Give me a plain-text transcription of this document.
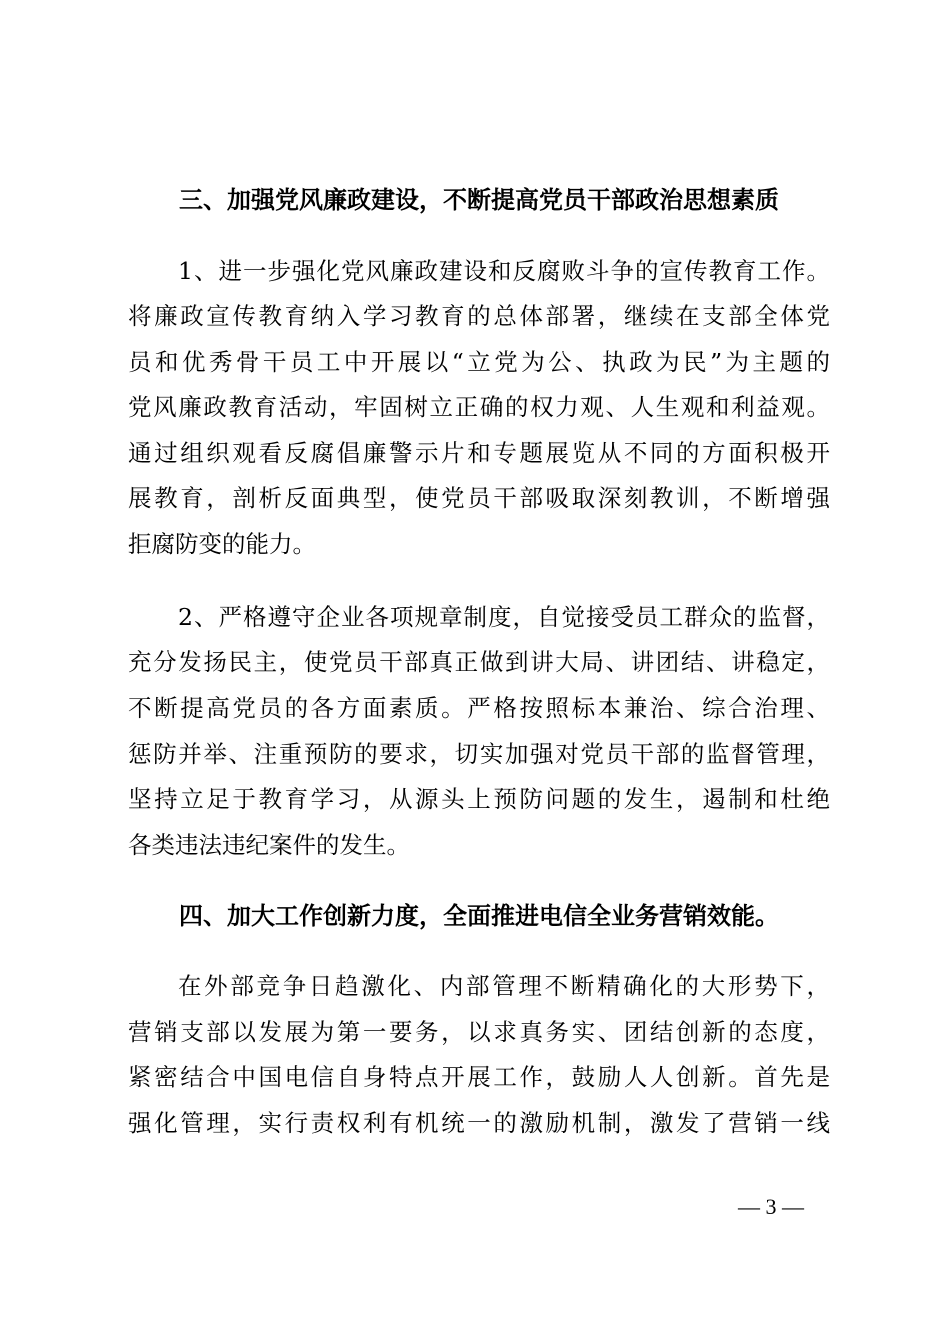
三、加强党风廉政建设，不断提高党员干部政治思想素质
1、进一步强化党风廉政建设和反腐败斗争的宣传教育工作。
将廉政宣传教育纳入学习教育的总体部署，继续在支部全体党
员和优秀骨干员工中开展以“立党为公、执政为民”为主题的
党风廉政教育活动，牢固树立正确的权力观、人生观和利益观。
通过组织观看反腐倡廉警示片和专题展览从不同的方面积极开
展教育，剖析反面典型，使党员干部吸取深刻教训，不断增强
拒腐防变的能力。
2、严格遵守企业各项规章制度，自觉接受员工群众的监督，
充分发扬民主，使党员干部真正做到讲大局、讲团结、讲稳定，
不断提高党员的各方面素质。严格按照标本兼治、综合治理、
惩防并举、注重预防的要求，切实加强对党员干部的监督管理，
坚持立足于教育学习，从源头上预防问题的发生，遏制和杜绝
各类违法违纪案件的发生。
四、加大工作创新力度，全面推进电信全业务营销效能。
在外部竞争日趋激化、内部管理不断精确化的大形势下，
营销支部以发展为第一要务，以求真务实、团结创新的态度，
紧密结合中国电信自身特点开展工作，鼓励人人创新。首先是
强化管理，实行责权利有机统一的激励机制，激发了营销一线
— 3 —
